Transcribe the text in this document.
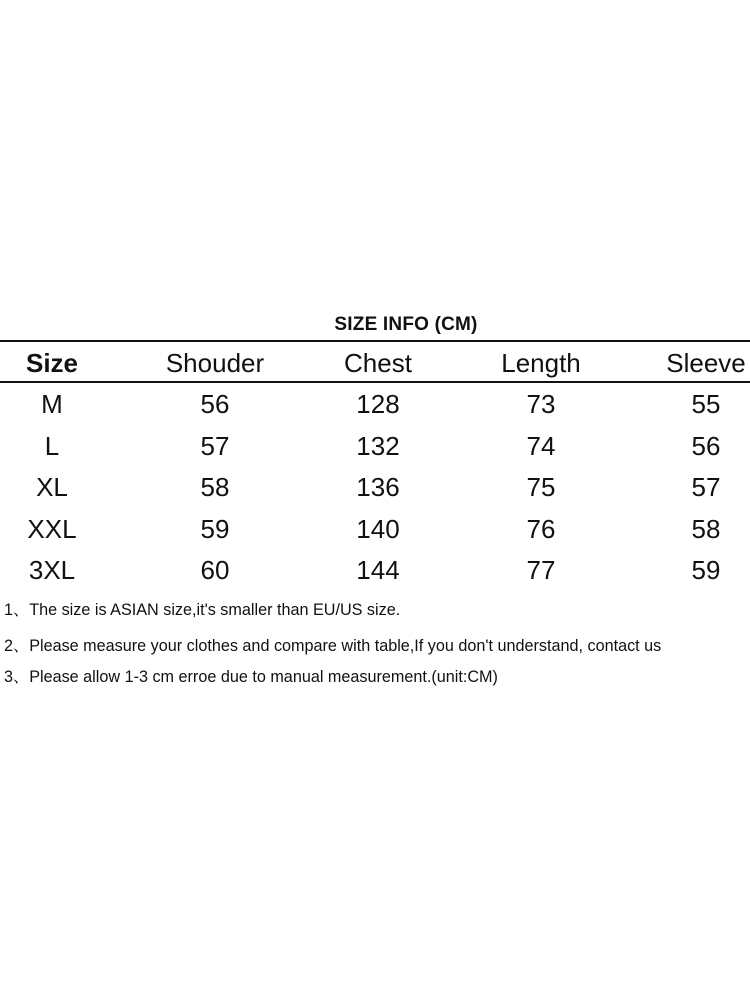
SIZE INFO (CM)
Size	Shouder	Chest	Length	Sleeve
M	56	128	73	55
L	57	132	74	56
XL	58	136	75	57
XXL	59	140	76	58
3XL	60	144	77	59
1、The size is ASIAN size,it's smaller than EU/US size.
2、Please measure your clothes and compare with table,If you don't understand, contact us
3、Please allow 1-3 cm erroe due to manual measurement.(unit:CM)
